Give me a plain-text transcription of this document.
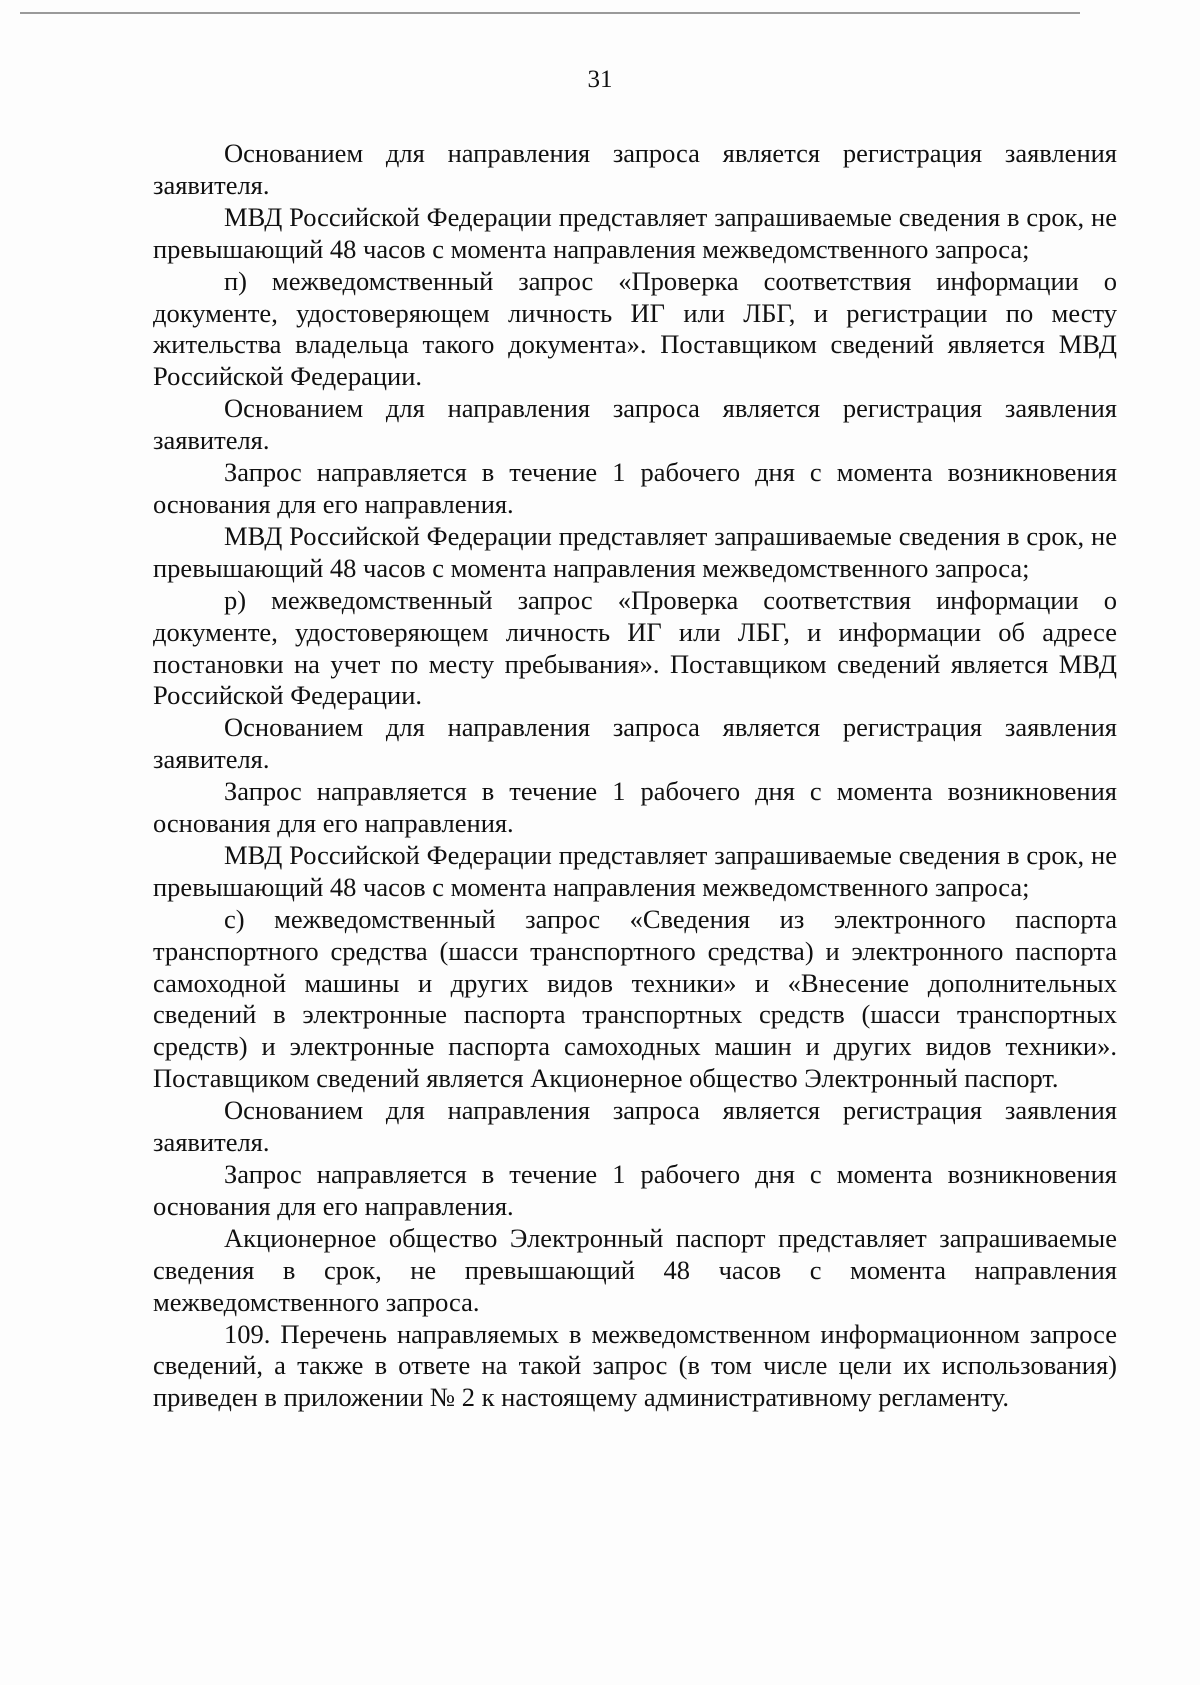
31

Основанием для направления запроса является регистрация заявления заявителя.

МВД Российской Федерации представляет запрашиваемые сведения в срок, не превышающий 48 часов с момента направления межведомственного запроса;

п) межведомственный запрос «Проверка соответствия информации о документе, удостоверяющем личность ИГ или ЛБГ, и регистрации по месту жительства владельца такого документа». Поставщиком сведений является МВД Российской Федерации.

Основанием для направления запроса является регистрация заявления заявителя.

Запрос направляется в течение 1 рабочего дня с момента возникновения основания для его направления.

МВД Российской Федерации представляет запрашиваемые сведения в срок, не превышающий 48 часов с момента направления межведомственного запроса;

р) межведомственный запрос «Проверка соответствия информации о документе, удостоверяющем личность ИГ или ЛБГ, и информации об адресе постановки на учет по месту пребывания». Поставщиком сведений является МВД Российской Федерации.

Основанием для направления запроса является регистрация заявления заявителя.

Запрос направляется в течение 1 рабочего дня с момента возникновения основания для его направления.

МВД Российской Федерации представляет запрашиваемые сведения в срок, не превышающий 48 часов с момента направления межведомственного запроса;

с) межведомственный запрос «Сведения из электронного паспорта транспортного средства (шасси транспортного средства) и электронного паспорта самоходной машины и других видов техники» и «Внесение дополнительных сведений в электронные паспорта транспортных средств (шасси транспортных средств) и электронные паспорта самоходных машин и других видов техники». Поставщиком сведений является Акционерное общество Электронный паспорт.

Основанием для направления запроса является регистрация заявления заявителя.

Запрос направляется в течение 1 рабочего дня с момента возникновения основания для его направления.

Акционерное общество Электронный паспорт представляет запрашиваемые сведения в срок, не превышающий 48 часов с момента направления межведомственного запроса.

109. Перечень направляемых в межведомственном информационном запросе сведений, а также в ответе на такой запрос (в том числе цели их использования) приведен в приложении № 2 к настоящему административному регламенту.
